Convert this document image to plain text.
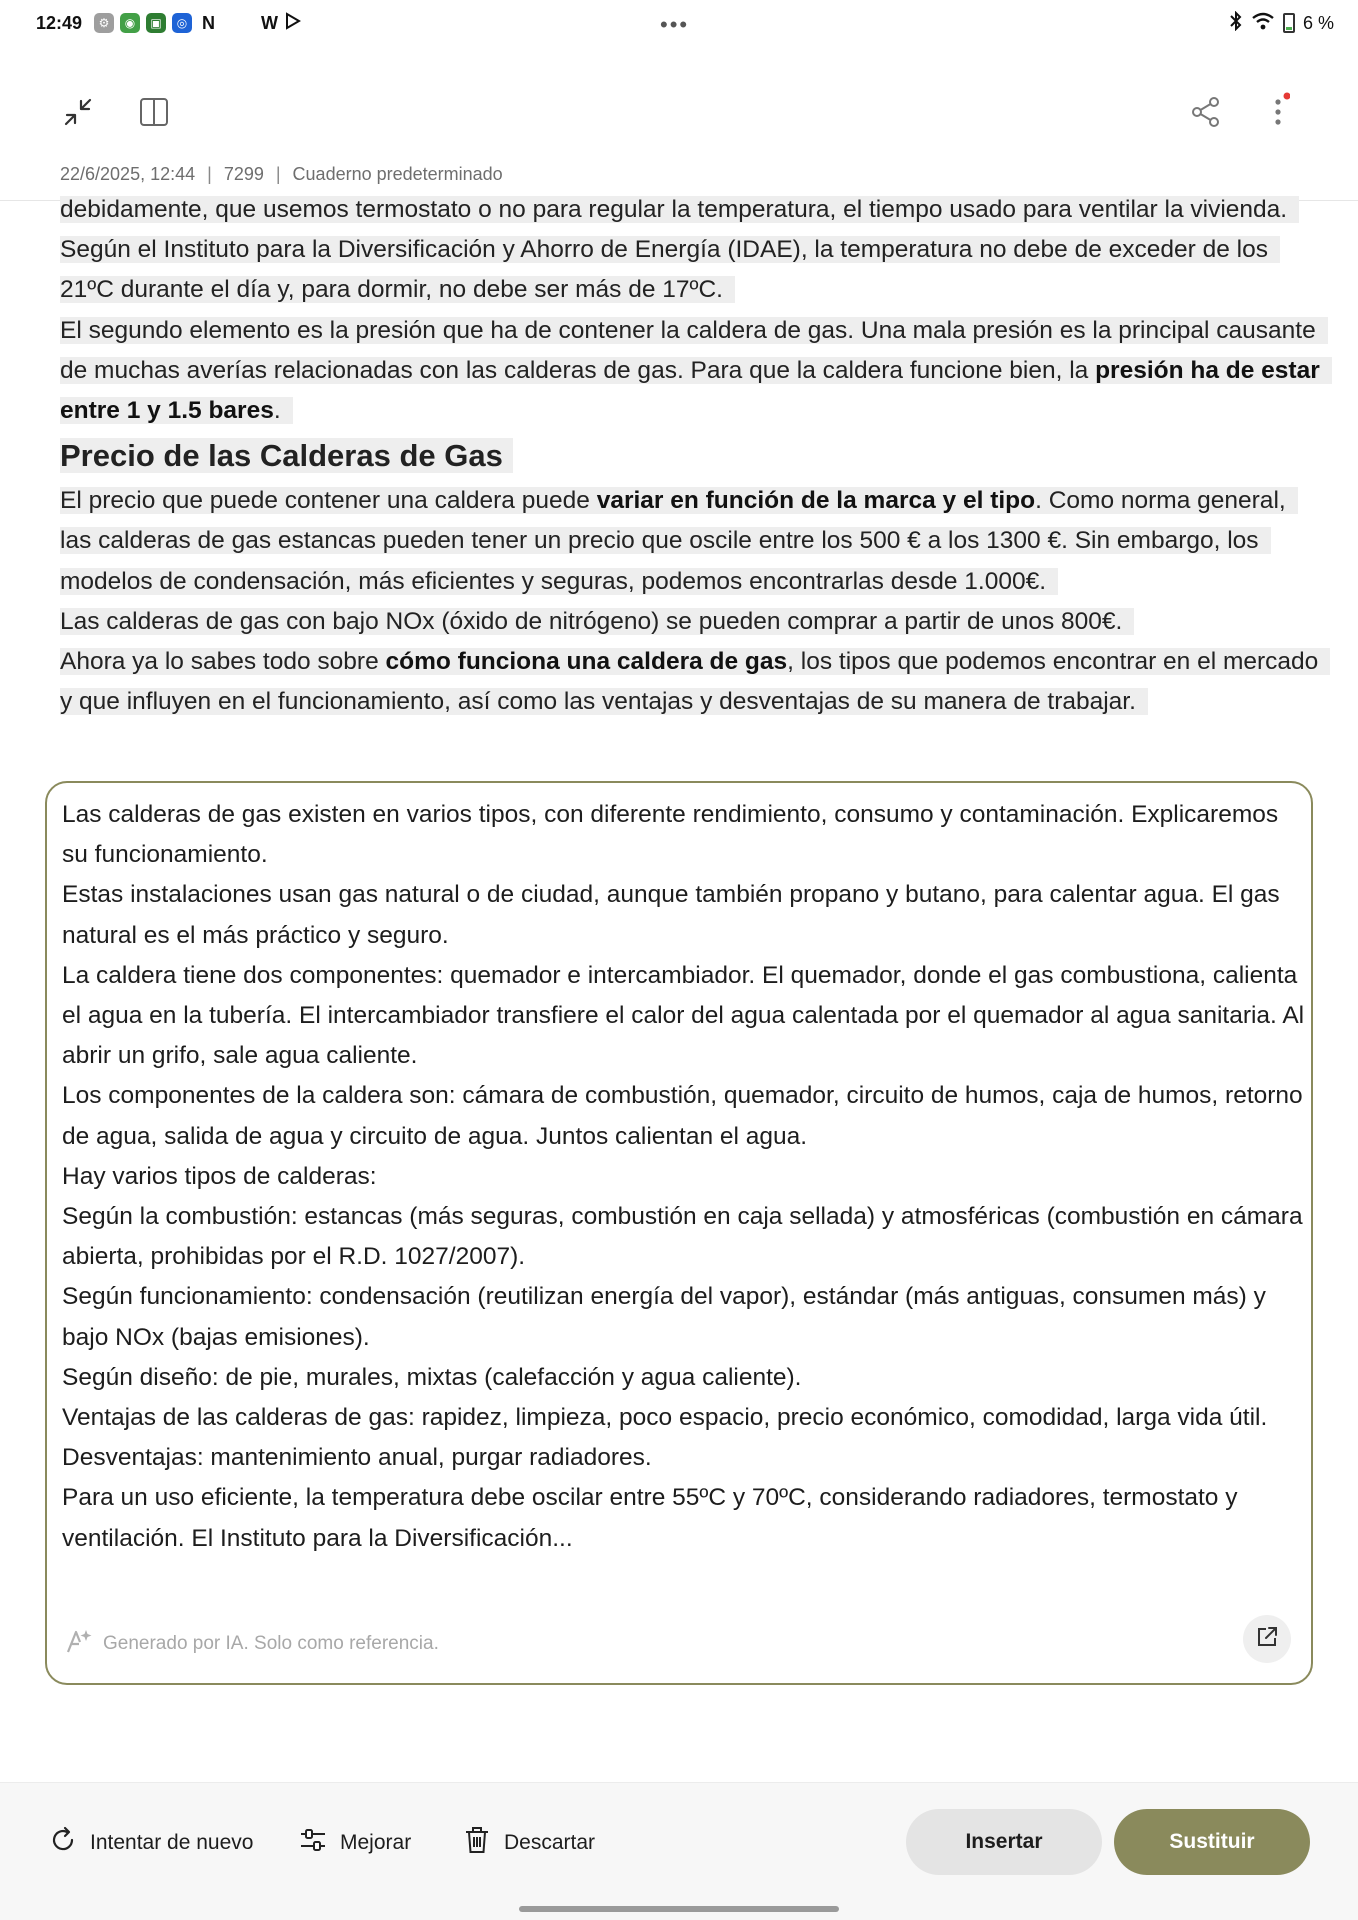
12:49	⚙	◉	▣	◎ N	W	•••	6 %
22/6/2025, 12:44 | 7299 | Cuaderno predeterminado
debidamente, que usemos termostato o no para regular la temperatura, el tiempo usado para ventilar la vivienda.
Según el Instituto para la Diversificación y Ahorro de Energía (IDAE), la temperatura no debe de exceder de los 21ºC durante el día y, para dormir, no debe ser más de 17ºC.
El segundo elemento es la presión que ha de contener la caldera de gas. Una mala presión es la principal causante de muchas averías relacionadas con las calderas de gas. Para que la caldera funcione bien, la presión ha de estar entre 1 y 1.5 bares.
Precio de las Calderas de Gas
El precio que puede contener una caldera puede variar en función de la marca y el tipo. Como norma general, las calderas de gas estancas pueden tener un precio que oscile entre los 500 € a los 1300 €. Sin embargo, los modelos de condensación, más eficientes y seguras, podemos encontrarlas desde 1.000€.
Las calderas de gas con bajo NOx (óxido de nitrógeno) se pueden comprar a partir de unos 800€.
Ahora ya lo sabes todo sobre cómo funciona una caldera de gas, los tipos que podemos encontrar en el mercado y que influyen en el funcionamiento, así como las ventajas y desventajas de su manera de trabajar.

Las calderas de gas existen en varios tipos, con diferente rendimiento, consumo y contaminación. Explicaremos su funcionamiento.

Estas instalaciones usan gas natural o de ciudad, aunque también propano y butano, para calentar agua. El gas natural es el más práctico y seguro.

La caldera tiene dos componentes: quemador e intercambiador. El quemador, donde el gas combustiona, calienta el agua en la tubería. El intercambiador transfiere el calor del agua calentada por el quemador al agua sanitaria. Al abrir un grifo, sale agua caliente.

Los componentes de la caldera son: cámara de combustión, quemador, circuito de humos, caja de humos, retorno de agua, salida de agua y circuito de agua. Juntos calientan el agua.

Hay varios tipos de calderas:

Según la combustión: estancas (más seguras, combustión en caja sellada) y atmosféricas (combustión en cámara abierta, prohibidas por el R.D. 1027/2007).

Según funcionamiento: condensación (reutilizan energía del vapor), estándar (más antiguas, consumen más) y bajo NOx (bajas emisiones).

Según diseño: de pie, murales, mixtas (calefacción y agua caliente).

Ventajas de las calderas de gas: rapidez, limpieza, poco espacio, precio económico, comodidad, larga vida útil.

Desventajas: mantenimiento anual, purgar radiadores.

Para un uso eficiente, la temperatura debe oscilar entre 55ºC y 70ºC, considerando radiadores, termostato y ventilación. El Instituto para la Diversificación...

Generado por IA. Solo como referencia.
Intentar de nuevo	Mejorar	Descartar	Insertar	Sustituir
